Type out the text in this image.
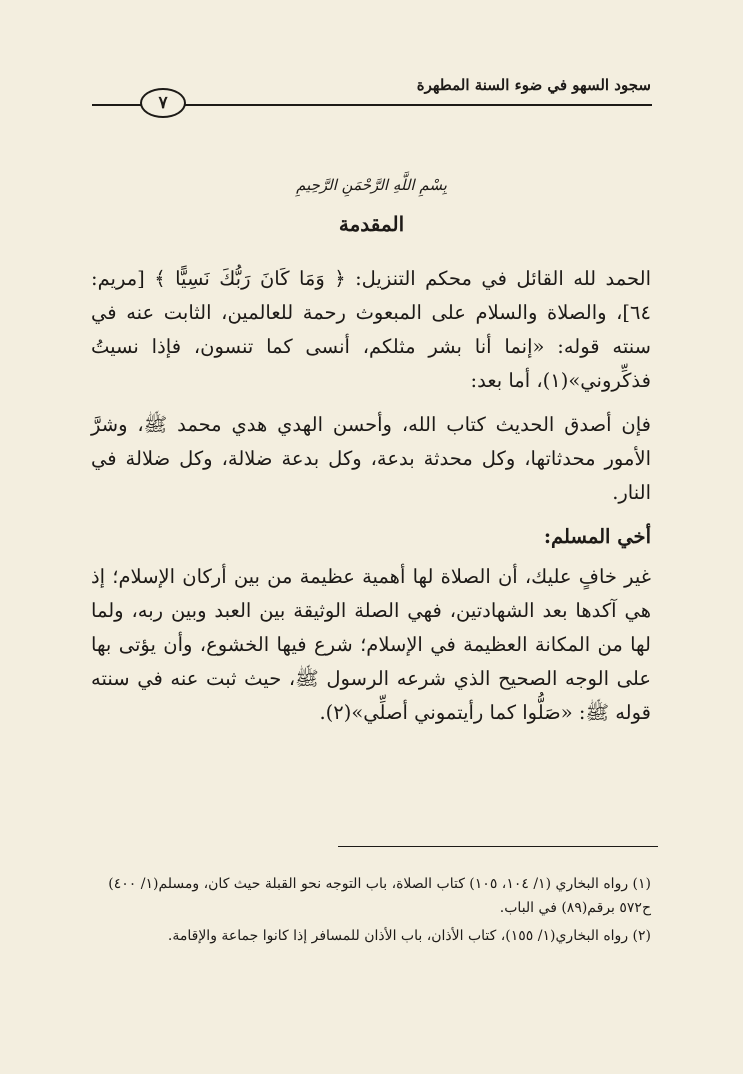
سجود السهو في ضوء السنة المطهرة
٧
بِسْمِ اللَّهِ الرَّحْمَنِ الرَّحِيمِ
المقدمة

الحمد لله القائل في محكم التنزيل: ﴿ وَمَا كَانَ رَبُّكَ نَسِيًّا ﴾ [مريم: ٦٤]، والصلاة والسلام على المبعوث رحمة للعالمين، الثابت عنه في سنته قوله: «إنما أنا بشر مثلكم، أنسى كما تنسون، فإذا نسيتُ فذكِّروني»(١)، أما بعد:

فإن أصدق الحديث كتاب الله، وأحسن الهدي هدي محمد ﷺ، وشرَّ الأمور محدثاتها، وكل محدثة بدعة، وكل بدعة ضلالة، وكل ضلالة في النار.

أخي المسلم:

غير خافٍ عليك، أن الصلاة لها أهمية عظيمة من بين أركان الإسلام؛ إذ هي آكدها بعد الشهادتين، فهي الصلة الوثيقة بين العبد وبين ربه، ولما لها من المكانة العظيمة في الإسلام؛ شرع فيها الخشوع، وأن يؤتى بها على الوجه الصحيح الذي شرعه الرسول ﷺ، حيث ثبت عنه في سنته قوله ﷺ: «صَلُّوا كما رأيتموني أصلِّي»(٢).

(١) رواه البخاري (١/ ١٠٤، ١٠٥) كتاب الصلاة، باب التوجه نحو القبلة حيث كان، ومسلم(١/ ٤٠٠) ح٥٧٢ برقم(٨٩) في الباب.

(٢) رواه البخاري(١/ ١٥٥)، كتاب الأذان، باب الأذان للمسافر إذا كانوا جماعة والإقامة.
